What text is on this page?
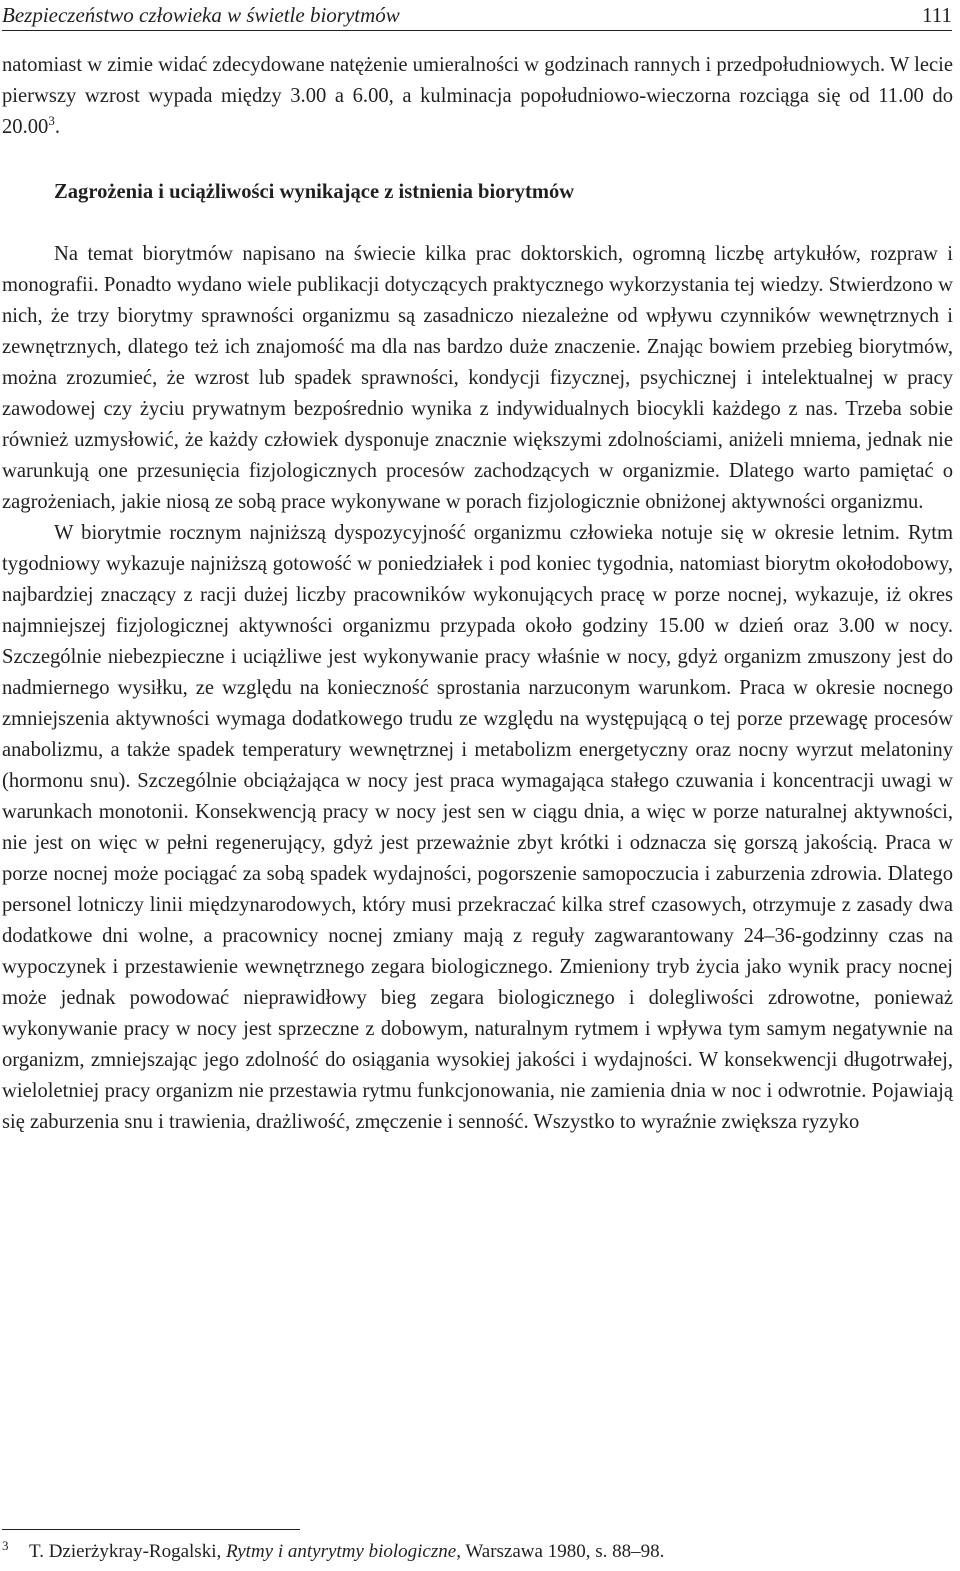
Bezpieczeństwo człowieka w świetle biorytmów	111

natomiast w zimie widać zdecydowane natężenie umieralności w godzinach rannych i przedpołudniowych. W lecie pierwszy wzrost wypada między 3.00 a 6.00, a kulminacja popołudniowo-wieczorna rozciąga się od 11.00 do 20.00$^3$.

Zagrożenia i uciążliwości wynikające z istnienia biorytmów

Na temat biorytmów napisano na świecie kilka prac doktorskich, ogromną liczbę artykułów, rozpraw i monografii. Ponadto wydano wiele publikacji dotyczących praktycznego wykorzystania tej wiedzy. Stwierdzono w nich, że trzy biorytmy sprawności organizmu są zasadniczo niezależne od wpływu czynników wewnętrznych i zewnętrznych, dlatego też ich znajomość ma dla nas bardzo duże znaczenie. Znając bowiem przebieg biorytmów, można zrozumieć, że wzrost lub spadek sprawności, kondycji fizycznej, psychicznej i intelektualnej w pracy zawodowej czy życiu prywatnym bezpośrednio wynika z indywidualnych biocykli każdego z nas. Trzeba sobie również uzmysłowić, że każdy człowiek dysponuje znacznie większymi zdolnościami, aniżeli mniema, jednak nie warunkują one przesunięcia fizjologicznych procesów zachodzących w organizmie. Dlatego warto pamiętać o zagrożeniach, jakie niosą ze sobą prace wykonywane w porach fizjologicznie obniżonej aktywności organizmu.

W biorytmie rocznym najniższą dyspozycyjność organizmu człowieka notuje się w okresie letnim. Rytm tygodniowy wykazuje najniższą gotowość w poniedziałek i pod koniec tygodnia, natomiast biorytm okołodobowy, najbardziej znaczący z racji dużej liczby pracowników wykonujących pracę w porze nocnej, wykazuje, iż okres najmniejszej fizjologicznej aktywności organizmu przypada około godziny 15.00 w dzień oraz 3.00 w nocy. Szczególnie niebezpieczne i uciążliwe jest wykonywanie pracy właśnie w nocy, gdyż organizm zmuszony jest do nadmiernego wysiłku, ze względu na konieczność sprostania narzuconym warunkom. Praca w okresie nocnego zmniejszenia aktywności wymaga dodatkowego trudu ze względu na występującą o tej porze przewagę procesów anabolizmu, a także spadek temperatury wewnętrznej i metabolizm energetyczny oraz nocny wyrzut melatoniny (hormonu snu). Szczególnie obciążająca w nocy jest praca wymagająca stałego czuwania i koncentracji uwagi w warunkach monotonii. Konsekwencją pracy w nocy jest sen w ciągu dnia, a więc w porze naturalnej aktywności, nie jest on więc w pełni regenerujący, gdyż jest przeważnie zbyt krótki i odznacza się gorszą jakością. Praca w porze nocnej może pociągać za sobą spadek wydajności, pogorszenie samopoczucia i zaburzenia zdrowia. Dlatego personel lotniczy linii międzynarodowych, który musi przekraczać kilka stref czasowych, otrzymuje z zasady dwa dodatkowe dni wolne, a pracownicy nocnej zmiany mają z reguły zagwarantowany 24–36-godzinny czas na wypoczynek i przestawienie wewnętrznego zegara biologicznego. Zmieniony tryb życia jako wynik pracy nocnej może jednak powodować nieprawidłowy bieg zegara biologicznego i dolegliwości zdrowotne, ponieważ wykonywanie pracy w nocy jest sprzeczne z dobowym, naturalnym rytmem i wpływa tym samym negatywnie na organizm, zmniejszając jego zdolność do osiągania wysokiej jakości i wydajności. W konsekwencji długotrwałej, wieloletniej pracy organizm nie przestawia rytmu funkcjonowania, nie zamienia dnia w noc i odwrotnie. Pojawiają się zaburzenia snu i trawienia, drażliwość, zmęczenie i senność. Wszystko to wyraźnie zwiększa ryzyko

3 T. Dzierżykray-Rogalski, Rytmy i antyrytmy biologiczne, Warszawa 1980, s. 88–98.
